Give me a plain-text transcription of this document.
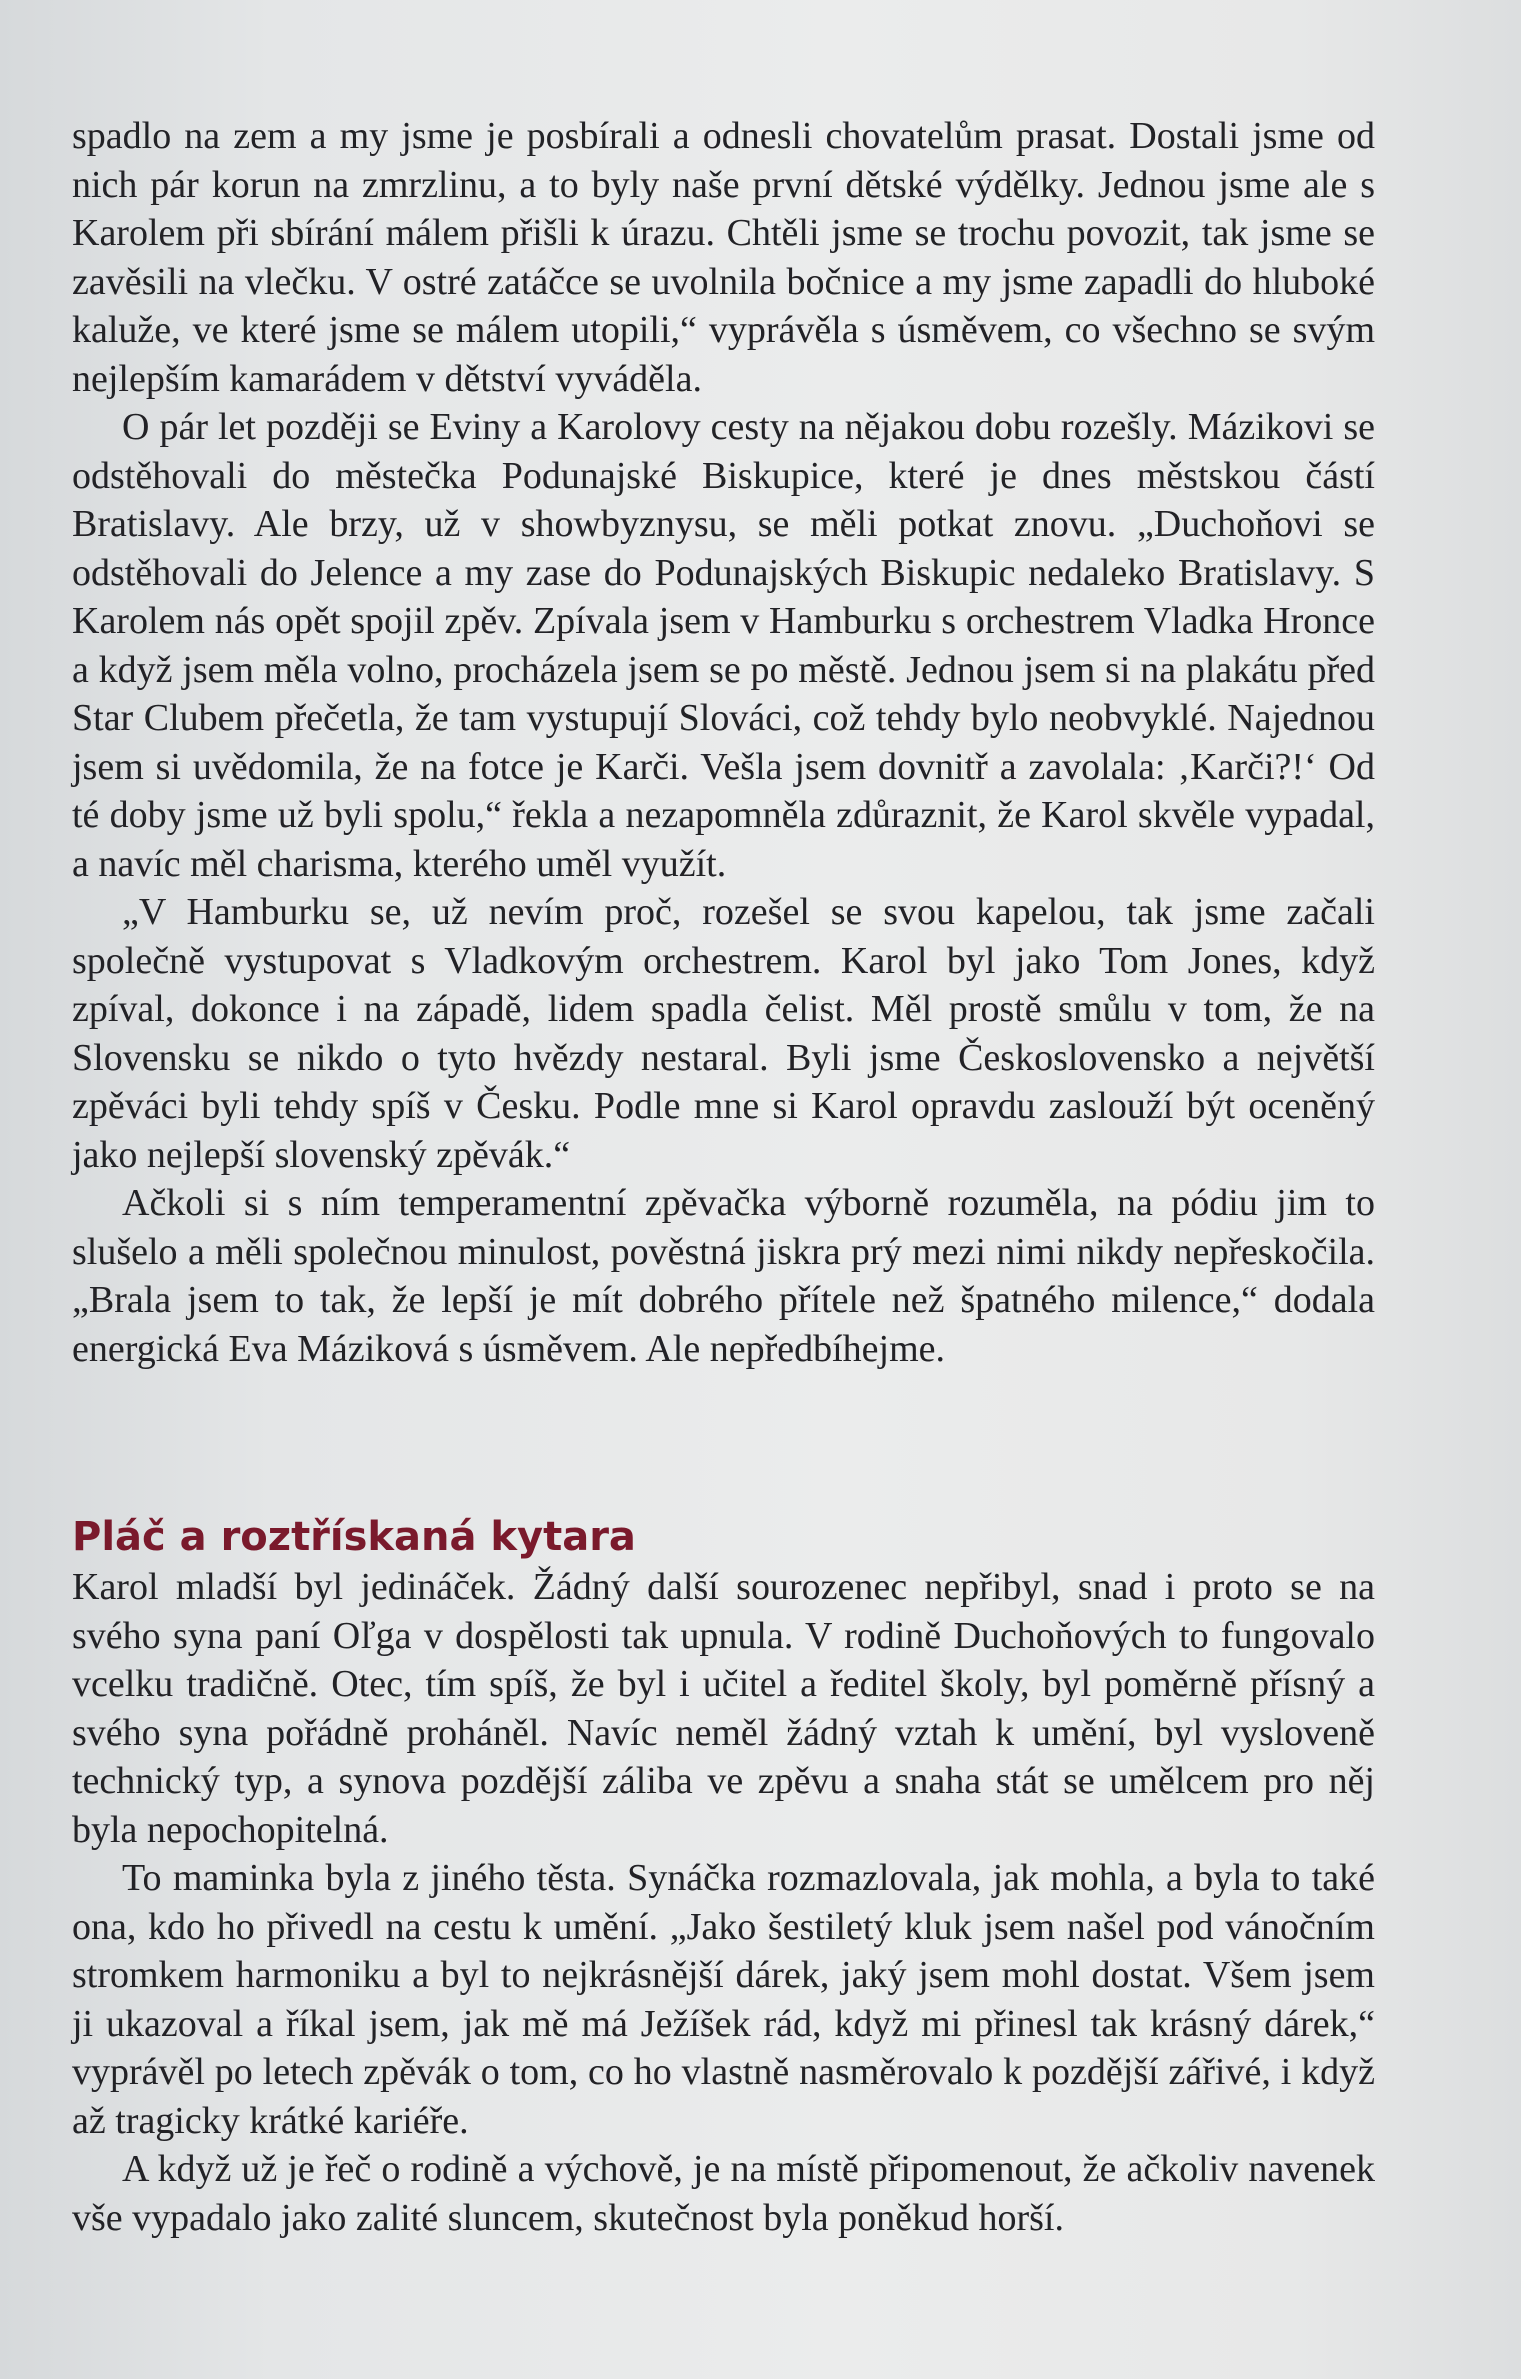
spadlo na zem a my jsme je posbírali a odnesli chovatelům prasat. Dostali jsme od nich pár korun na zmrzlinu, a to byly naše první dětské výdělky. Jednou jsme ale s Karolem při sbírání málem přišli k úrazu. Chtěli jsme se trochu povozit, tak jsme se zavěsili na vlečku. V ostré zatáčce se uvolnila bočnice a my jsme zapadli do hluboké kaluže, ve které jsme se málem utopili,“ vyprávěla s úsměvem, co všechno se svým nejlepším kamarádem v dětství vyváděla.

O pár let později se Eviny a Karolovy cesty na nějakou dobu rozešly. Mázikovi se odstěhovali do městečka Podunajské Biskupice, které je dnes městskou částí Bratislavy. Ale brzy, už v showbyznysu, se měli potkat znovu. „Duchoňovi se odstěhovali do Jelence a my zase do Podunajských Biskupic nedaleko Bratislavy. S Karolem nás opět spojil zpěv. Zpívala jsem v Hamburku s orchestrem Vladka Hronce a když jsem měla volno, procházela jsem se po městě. Jednou jsem si na plakátu před Star Clubem přečetla, že tam vystupují Slováci, což tehdy bylo neobvyklé. Najednou jsem si uvědomila, že na fotce je Karči. Vešla jsem dovnitř a zavolala: ‚Karči?!‘ Od té doby jsme už byli spolu,“ řekla a nezapomněla zdůraznit, že Karol skvěle vypadal, a navíc měl charisma, kterého uměl využít.

„V Hamburku se, už nevím proč, rozešel se svou kapelou, tak jsme začali společně vystupovat s Vladkovým orchestrem. Karol byl jako Tom Jones, když zpíval, dokonce i na západě, lidem spadla čelist. Měl prostě smůlu v tom, že na Slovensku se nikdo o tyto hvězdy nestaral. Byli jsme Československo a největší zpěváci byli tehdy spíš v Česku. Podle mne si Karol opravdu zaslouží být oceněný jako nejlepší slovenský zpěvák.“

Ačkoli si s ním temperamentní zpěvačka výborně rozuměla, na pódiu jim to slušelo a měli společnou minulost, pověstná jiskra prý mezi nimi nikdy nepřeskočila. „Brala jsem to tak, že lepší je mít dobrého přítele než špatného milence,“ dodala energická Eva Máziková s úsměvem. Ale nepředbíhejme.

Pláč a roztřískaná kytara

Karol mladší byl jedináček. Žádný další sourozenec nepřibyl, snad i proto se na svého syna paní Oľga v dospělosti tak upnula. V rodině Duchoňových to fungovalo vcelku tradičně. Otec, tím spíš, že byl i učitel a ředitel školy, byl poměrně přísný a svého syna pořádně proháněl. Navíc neměl žádný vztah k umění, byl vysloveně technický typ, a synova pozdější záliba ve zpěvu a snaha stát se umělcem pro něj byla nepochopitelná.

To maminka byla z jiného těsta. Synáčka rozmazlovala, jak mohla, a byla to také ona, kdo ho přivedl na cestu k umění. „Jako šestiletý kluk jsem našel pod vánočním stromkem harmoniku a byl to nejkrásnější dárek, jaký jsem mohl dostat. Všem jsem ji ukazoval a říkal jsem, jak mě má Ježíšek rád, když mi přinesl tak krásný dárek,“ vyprávěl po letech zpěvák o tom, co ho vlastně nasměrovalo k pozdější zářivé, i když až tragicky krátké kariéře.

A když už je řeč o rodině a výchově, je na místě připomenout, že ačkoliv navenek vše vypadalo jako zalité sluncem, skutečnost byla poněkud horší.
